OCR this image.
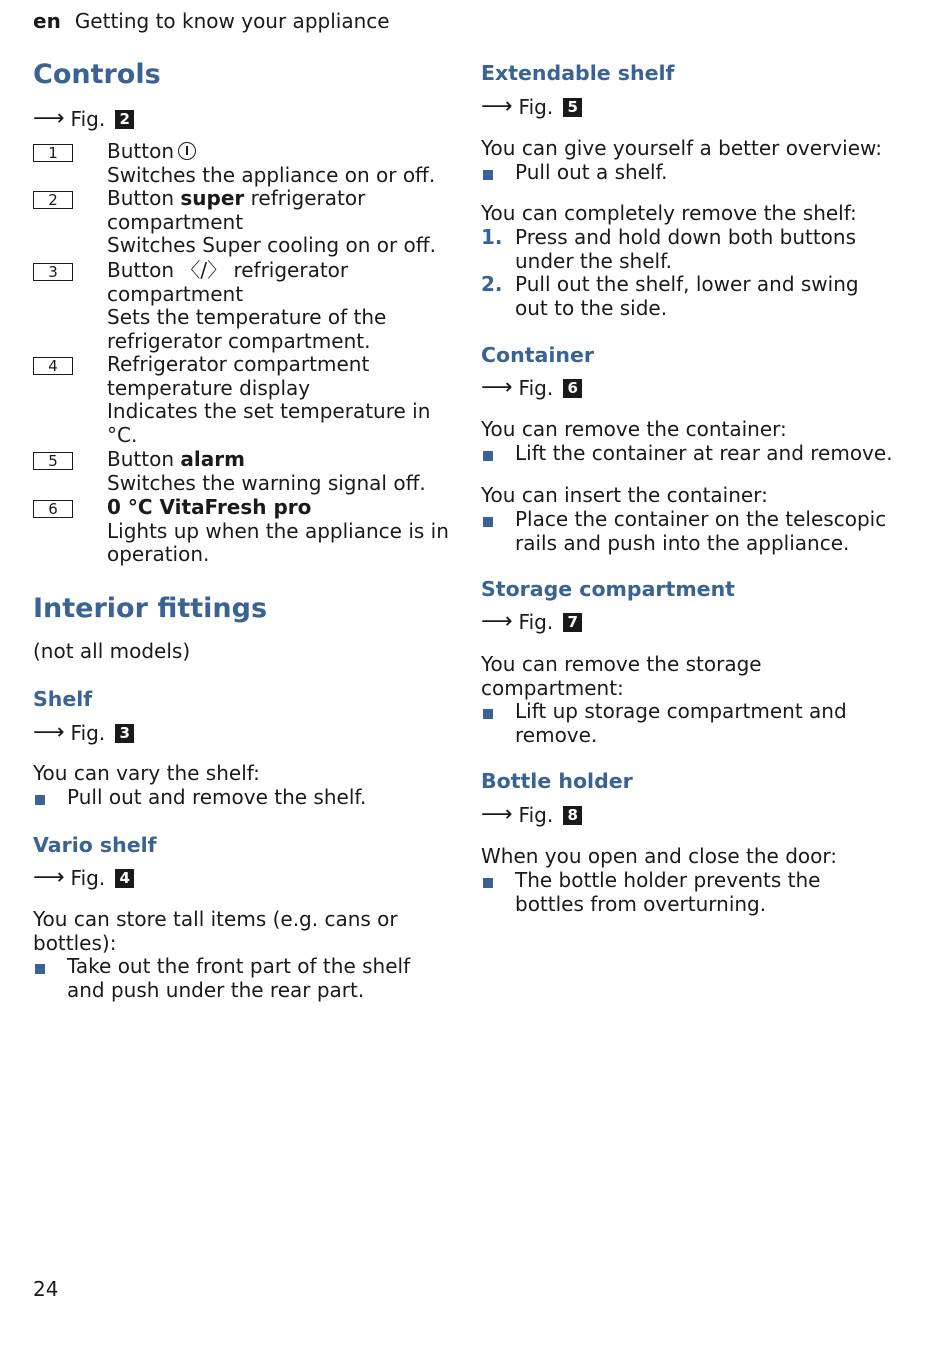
en Getting to know your appliance
Controls
⟶ Fig. 2
1	Button
Switches the appliance on or off.
2	Button super refrigerator compartment
Switches Super cooling on or off.
3	Button 〈/〉 refrigerator compartment
Sets the temperature of the refrigerator compartment.
4	Refrigerator compartment temperature display
Indicates the set temperature in °C.
5	Button alarm
Switches the warning signal off.
6	0 °C VitaFresh pro
Lights up when the appliance is in operation.
Interior fittings
(not all models)
Shelf
⟶ Fig. 3
You can vary the shelf:
Pull out and remove the shelf.
Vario shelf
⟶ Fig. 4
You can store tall items (e.g. cans or bottles):
Take out the front part of the shelf and push under the rear part.
Extendable shelf
⟶ Fig. 5
You can give yourself a better overview:
Pull out a shelf.
You can completely remove the shelf:
1. Press and hold down both buttons under the shelf.
2. Pull out the shelf, lower and swing out to the side.
Container
⟶ Fig. 6
You can remove the container:
Lift the container at rear and remove.
You can insert the container:
Place the container on the telescopic rails and push into the appliance.
Storage compartment
⟶ Fig. 7
You can remove the storage compartment:
Lift up storage compartment and remove.
Bottle holder
⟶ Fig. 8
When you open and close the door:
The bottle holder prevents the bottles from overturning.
24
